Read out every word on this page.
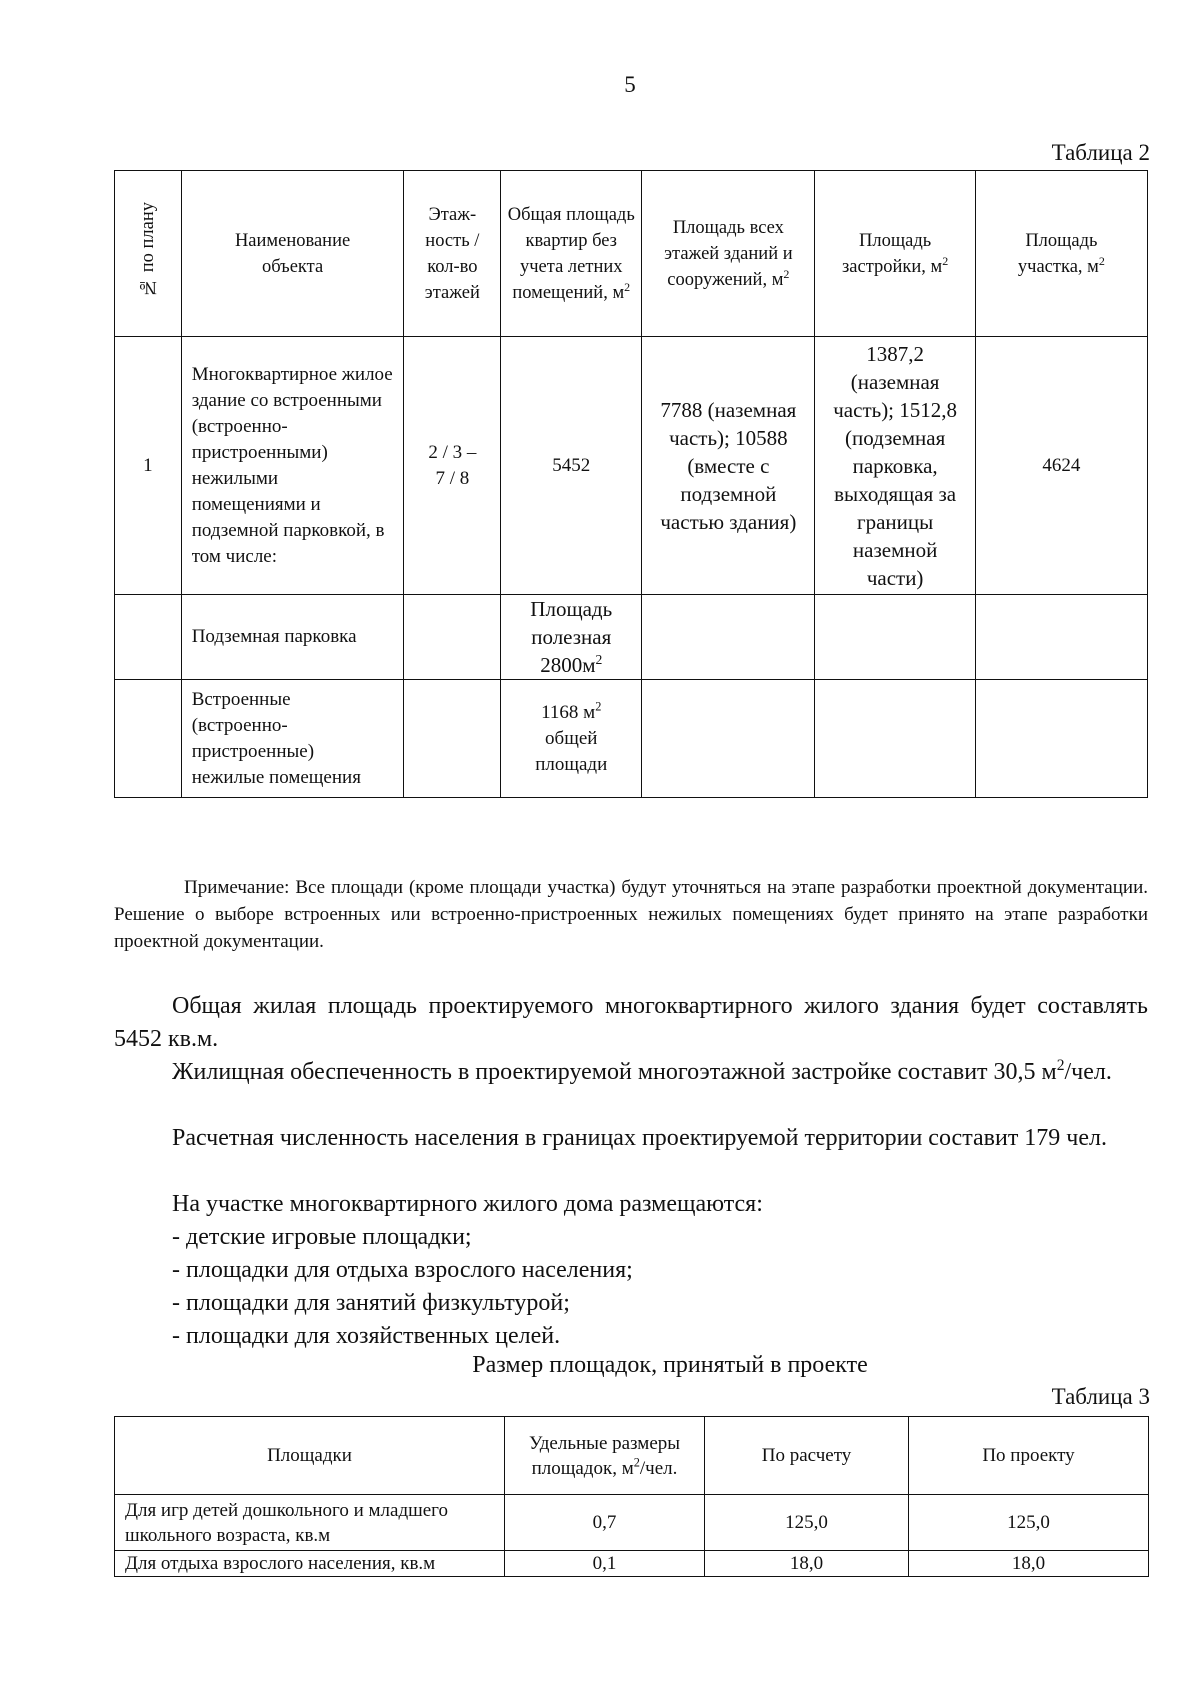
5
Таблица 2
№ по плану	Наименование объекта	Этаж-ность / кол-во этажей	Общая площадь квартир без учета летних помещений, $м^2$	Площадь всех этажей зданий и сооружений, $м^2$	Площадь застройки, $м^2$	Площадь участка, $м^2$

1	Многоквартирное жилое здание со встроенными (встроенно-пристроенными) нежилыми помещениями и подземной парковкой, в том числе:	2 / 3 – 7 / 8	5452	7788 (наземная часть); 10588 (вместе с подземной частью здания)	1387,2 (наземная часть); 1512,8 (подземная парковка, выходящая за границы наземной части)	4624
	Подземная парковка		Площадь полезная $2800м^2$

	Встроенные (встроенно-пристроенные) нежилые помещения		1168 $м^2$ общей площади			

Примечание: Все площади (кроме площади участка) будут уточняться на этапе разработки проектной документации. Решение о выборе встроенных или встроенно-пристроенных нежилых помещениях будет принято на этапе разработки проектной документации.
Общая жилая площадь проектируемого многоквартирного жилого здания будет составлять 5452 кв.м.
Жилищная обеспеченность в проектируемой многоэтажной застройке составит 30,5 $м^2$/чел.
Расчетная численность населения в границах проектируемой территории составит 179 чел.
На участке многоквартирного жилого дома размещаются:
- детские игровые площадки;
- площадки для отдыха взрослого населения;
- площадки для занятий физкультурой;
- площадки для хозяйственных целей.
Размер площадок, принятый в проекте
Таблица 3
Площадки	Удельные размеры площадок, $м^2$/чел.	По расчету	По проекту
Для игр детей дошкольного и младшего школьного возраста, кв.м	0,7	125,0	125,0
Для отдыха взрослого населения, кв.м	0,1	18,0	18,0
